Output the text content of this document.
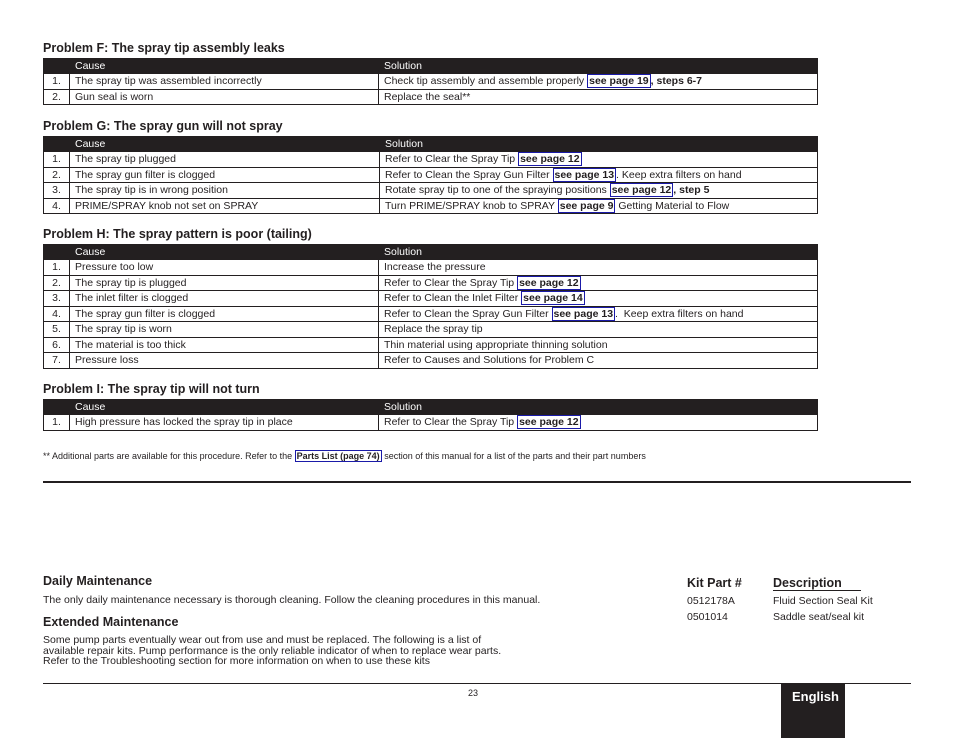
Problem F: The spray tip assembly leaks
	Cause	Solution
1.	The spray tip was assembled incorrectly	Check tip assembly and assemble properly see page 19 , steps 6-7
2.	Gun seal is worn	Replace the seal**
Problem G: The spray gun will not spray
	Cause	Solution
1.	The spray tip plugged	Refer to Clear the Spray Tip see page 12
2.	The spray gun filter is clogged	Refer to Clean the Spray Gun Filter see page 13 . Keep extra filters on hand
3.	The spray tip is in wrong position	Rotate spray tip to one of the spraying positions see page 12 , step 5
4.	PRIME/SPRAY knob not set on SPRAY	Turn PRIME/SPRAY knob to SPRAY see page 9 Getting Material to Flow
Problem H: The spray pattern is poor (tailing)
	Cause	Solution
1.	Pressure too low	Increase the pressure
2.	The spray tip is plugged	Refer to Clear the Spray Tip see page 12
3.	The inlet filter is clogged	Refer to Clean the Inlet Filter see page 14
4.	The spray gun filter is clogged	Refer to Clean the Spray Gun Filter see page 13 .  Keep extra filters on hand
5.	The spray tip is worn	Replace the spray tip
6.	The material is too thick	Thin material using appropriate thinning solution
7.	Pressure loss	Refer to Causes and Solutions for Problem C
Problem I: The spray tip will not turn
	Cause	Solution
1.	High pressure has locked the spray tip in place	Refer to Clear the Spray Tip see page 12
** Additional parts are available for this procedure. Refer to the Parts List (page 74) section of this manual for a list of the parts and their part numbers
Daily Maintenance
The only daily maintenance necessary is thorough cleaning. Follow the cleaning procedures in this manual.
Extended Maintenance
Some pump parts eventually wear out from use and must be replaced. The following is a list of
available repair kits. Pump performance is the only reliable indicator of when to replace wear parts.
Refer to the Troubleshooting section for more information on when to use these kits
Kit Part # Description
0512178A	Fluid Section Seal Kit
0501014	Saddle seat/seal kit
23	English
